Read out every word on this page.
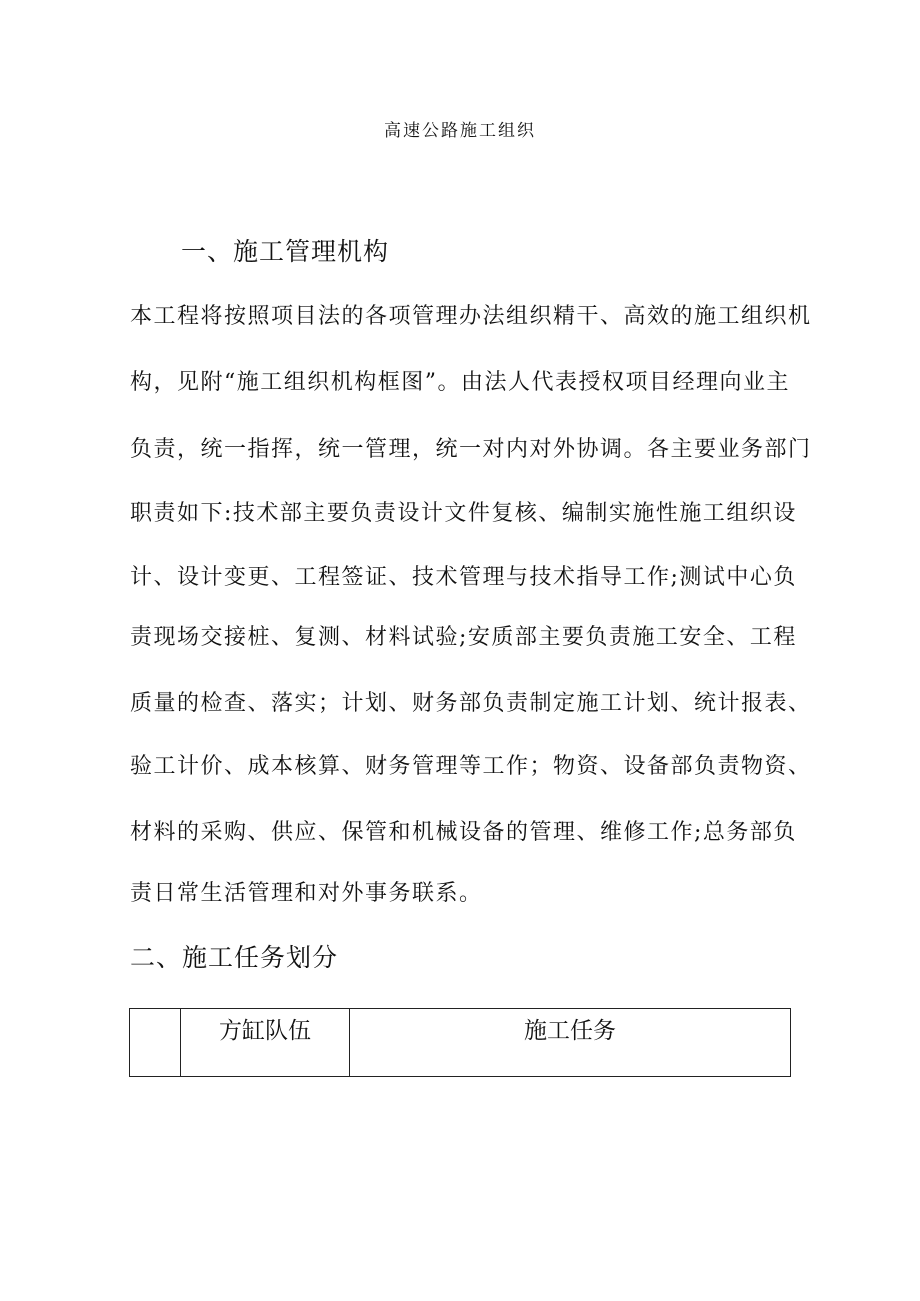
高速公路施工组织
一、施工管理机构
本工程将按照项目法的各项管理办法组织精干、高效的施工组织机
构，见附“施工组织机构框图”。由法人代表授权项目经理向业主
负责，统一指挥，统一管理，统一对内对外协调。各主要业务部门
职责如下:技术部主要负责设计文件复核、编制实施性施工组织设
计、设计变更、工程签证、技术管理与技术指导工作;测试中心负
责现场交接桩、复测、材料试验;安质部主要负责施工安全、工程
质量的检查、落实；计划、财务部负责制定施工计划、统计报表、
验工计价、成本核算、财务管理等工作；物资、设备部负责物资、
材料的采购、供应、保管和机械设备的管理、维修工作;总务部负
责日常生活管理和对外事务联系。
二、施工任务划分
	方缸队伍	施工任务
